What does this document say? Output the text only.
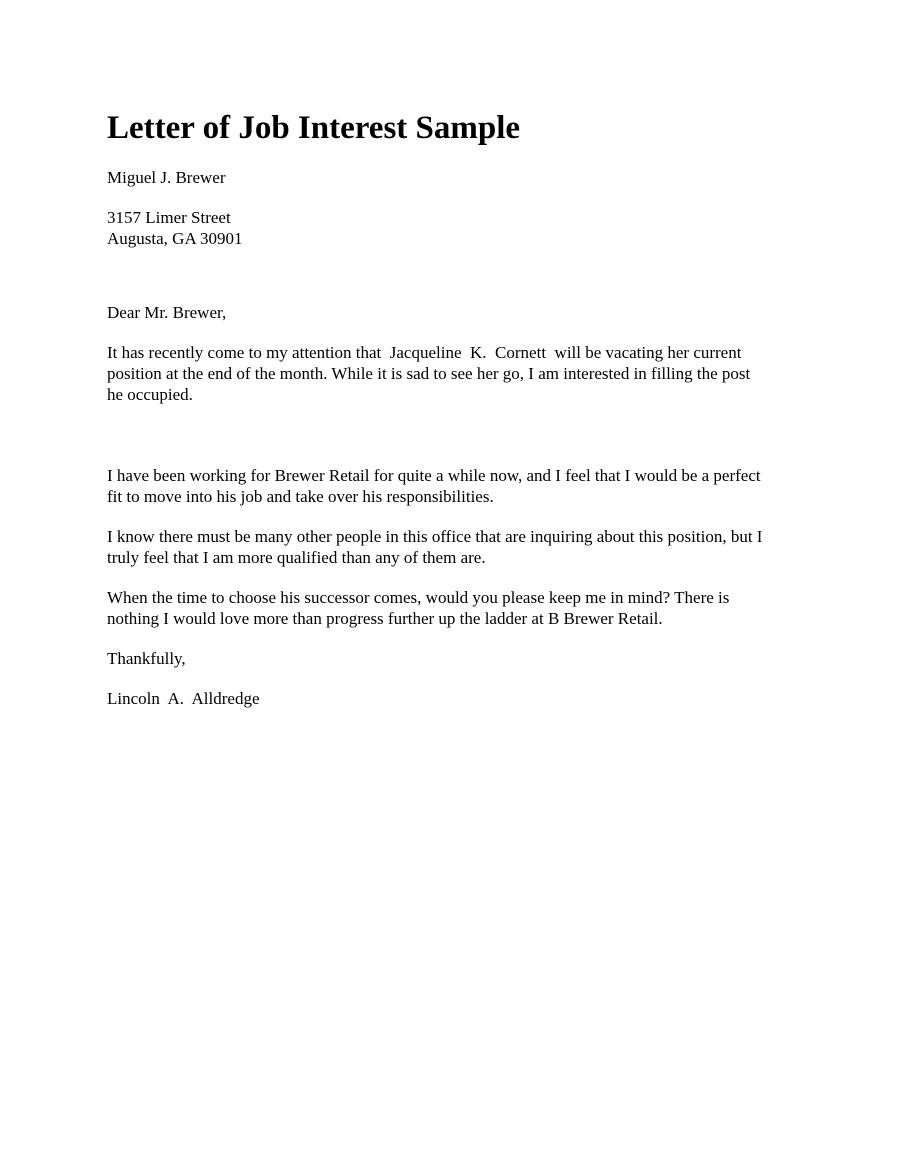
Letter of Job Interest Sample

Miguel J. Brewer

3157 Limer Street

Augusta, GA 30901

Dear Mr. Brewer,

It has recently come to my attention that  Jacqueline  K.  Cornett  will be vacating her current

position at the end of the month. While it is sad to see her go, I am interested in filling the post

he occupied.

I have been working for Brewer Retail for quite a while now, and I feel that I would be a perfect

fit to move into his job and take over his responsibilities.

I know there must be many other people in this office that are inquiring about this position, but I

truly feel that I am more qualified than any of them are.

When the time to choose his successor comes, would you please keep me in mind? There is

nothing I would love more than progress further up the ladder at B Brewer Retail.

Thankfully,

Lincoln  A.  Alldredge
